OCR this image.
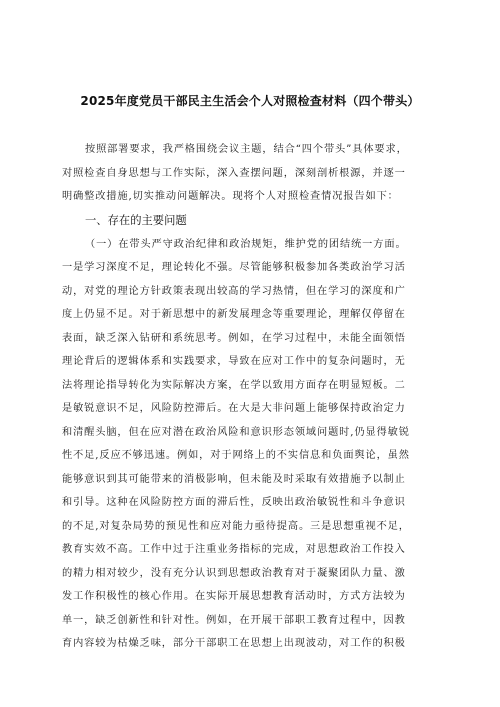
2025年度党员干部民主生活会个人对照检查材料（四个带头）
按照部署要求，我严格围绕会议主题，结合“四个带头”具体要求，
对照检查自身思想与工作实际，深入查摆问题，深刻剖析根源，并逐一
明确整改措施,切实推动问题解决。现将个人对照检查情况报告如下：
一、存在的主要问题
（一）在带头严守政治纪律和政治规矩，维护党的团结统一方面。
一是学习深度不足，理论转化不强。尽管能够积极参加各类政治学习活
动，对党的理论方针政策表现出较高的学习热情，但在学习的深度和广
度上仍显不足。对于新思想中的新发展理念等重要理论，理解仅停留在
表面，缺乏深入钻研和系统思考。例如，在学习过程中，未能全面领悟
理论背后的逻辑体系和实践要求，导致在应对工作中的复杂问题时，无
法将理论指导转化为实际解决方案，在学以致用方面存在明显短板。二
是敏锐意识不足，风险防控滞后。在大是大非问题上能够保持政治定力
和清醒头脑，但在应对潜在政治风险和意识形态领域问题时,仍显得敏锐
性不足,反应不够迅速。例如，对于网络上的不实信息和负面舆论，虽然
能够意识到其可能带来的消极影响，但未能及时采取有效措施予以制止
和引导。这种在风险防控方面的滞后性，反映出政治敏锐性和斗争意识
的不足,对复杂局势的预见性和应对能力亟待提高。三是思想重视不足，
教育实效不高。工作中过于注重业务指标的完成，对思想政治工作投入
的精力相对较少，没有充分认识到思想政治教育对于凝聚团队力量、激
发工作积极性的核心作用。在实际开展思想教育活动时，方式方法较为
单一，缺乏创新性和针对性。例如，在开展干部职工教育过程中，因教
育内容较为枯燥乏味，部分干部职工在思想上出现波动，对工作的积极
